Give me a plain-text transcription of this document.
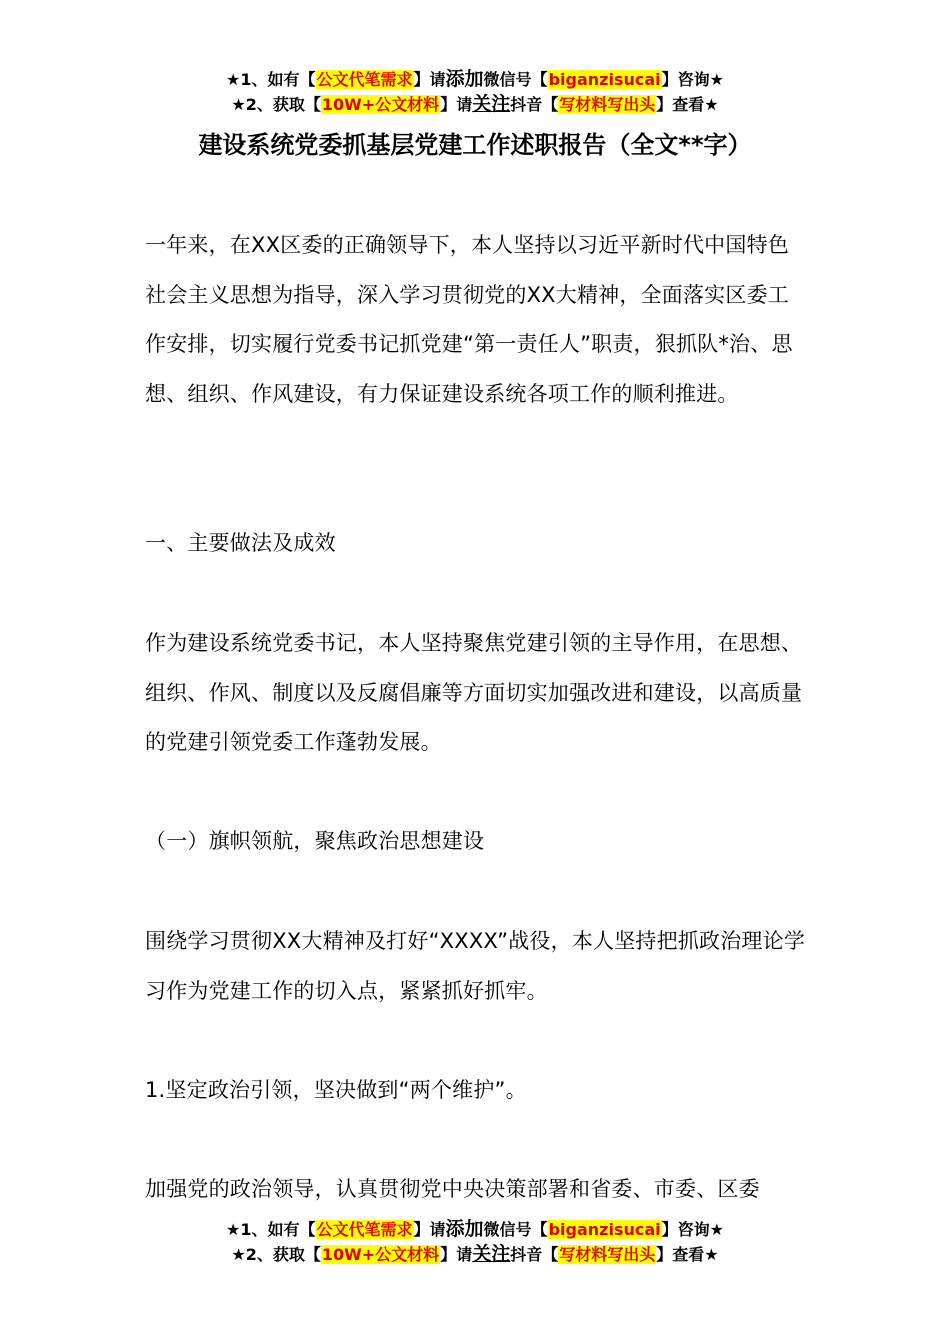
★1、如有【公文代笔需求】请添加微信号【biganzisucai】咨询★
★2、获取【10W+公文材料】请关注抖音【写材料写出头】查看★
建设系统党委抓基层党建工作述职报告（全文**字）

一年来，在XX区委的正确领导下，本人坚持以习近平新时代中国特色社会主义思想为指导，深入学习贯彻党的XX大精神，全面落实区委工作安排，切实履行党委书记抓党建“第一责任人”职责，狠抓队*治、思想、组织、作风建设，有力保证建设系统各项工作的顺利推进。

一、主要做法及成效

作为建设系统党委书记，本人坚持聚焦党建引领的主导作用，在思想、组织、作风、制度以及反腐倡廉等方面切实加强改进和建设，以高质量的党建引领党委工作蓬勃发展。

（一）旗帜领航，聚焦政治思想建设

围绕学习贯彻XX大精神及打好“XXXX”战役，本人坚持把抓政治理论学习作为党建工作的切入点，紧紧抓好抓牢。

1.坚定政治引领，坚决做到“两个维护”。

加强党的政治领导，认真贯彻党中央决策部署和省委、市委、区委

★1、如有【公文代笔需求】请添加微信号【biganzisucai】咨询★
★2、获取【10W+公文材料】请关注抖音【写材料写出头】查看★
